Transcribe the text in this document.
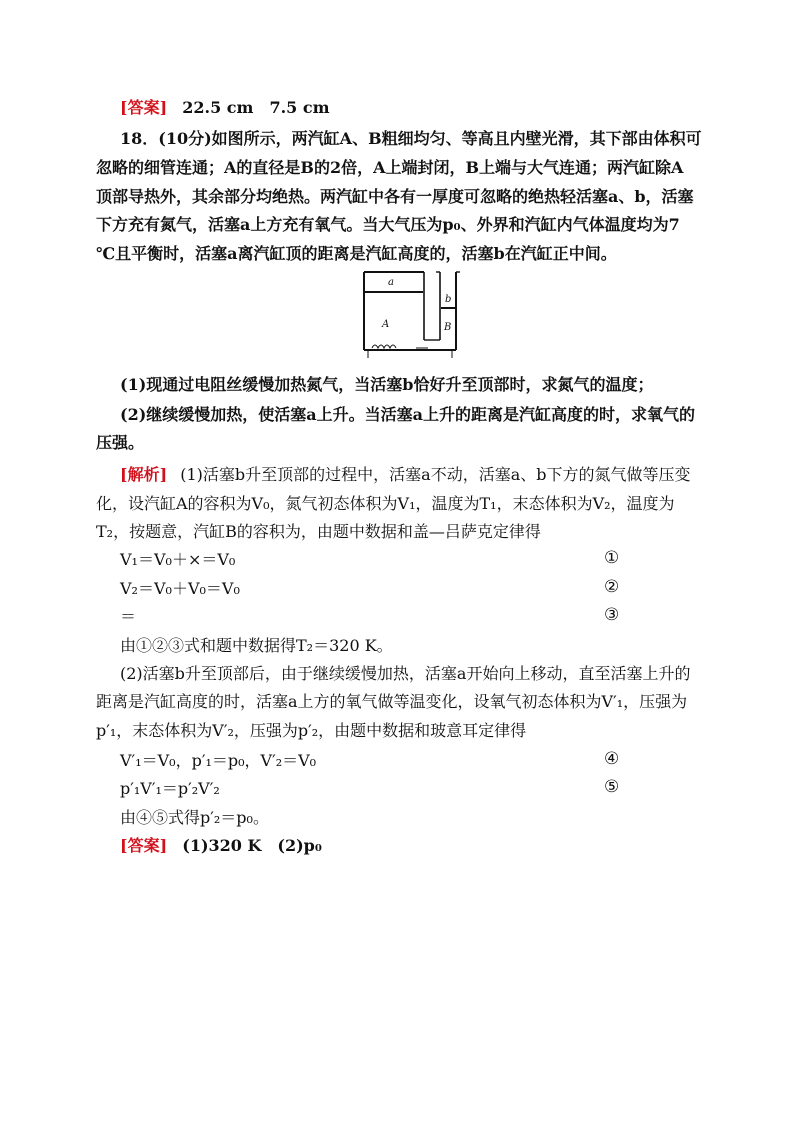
[答案] 22.5 cm　7.5 cm
18．(10分)如图所示，两汽缸A、B粗细均匀、等高且内壁光滑，其下部由体积可
忽略的细管连通；A的直径是B的2倍，A上端封闭，B上端与大气连通；两汽缸除A
顶部导热外，其余部分均绝热。两汽缸中各有一厚度可忽略的绝热轻活塞a、b，活塞
下方充有氮气，活塞a上方充有氧气。当大气压为p₀、外界和汽缸内气体温度均为7
℃且平衡时，活塞a离汽缸顶的距离是汽缸高度的，活塞b在汽缸正中间。
a
A
b
B
(1)现通过电阻丝缓慢加热氮气，当活塞b恰好升至顶部时，求氮气的温度；
(2)继续缓慢加热，使活塞a上升。当活塞a上升的距离是汽缸高度的时，求氧气的
压强。
[解析] (1)活塞b升至顶部的过程中，活塞a不动，活塞a、b下方的氮气做等压变
化，设汽缸A的容积为V₀，氮气初态体积为V₁，温度为T₁，末态体积为V₂，温度为
T₂，按题意，汽缸B的容积为，由题中数据和盖—吕萨克定律得
V₁＝V₀＋×＝V₀	①
V₂＝V₀＋V₀＝V₀	②
＝	③
由①②③式和题中数据得T₂＝320 K。
(2)活塞b升至顶部后，由于继续缓慢加热，活塞a开始向上移动，直至活塞上升的
距离是汽缸高度的时，活塞a上方的氧气做等温变化，设氧气初态体积为V′₁，压强为
p′₁，末态体积为V′₂，压强为p′₂，由题中数据和玻意耳定律得
V′₁＝V₀，p′₁＝p₀，V′₂＝V₀	④
p′₁V′₁＝p′₂V′₂	⑤
由④⑤式得p′₂＝p₀。
[答案] (1)320 K　(2)p₀
